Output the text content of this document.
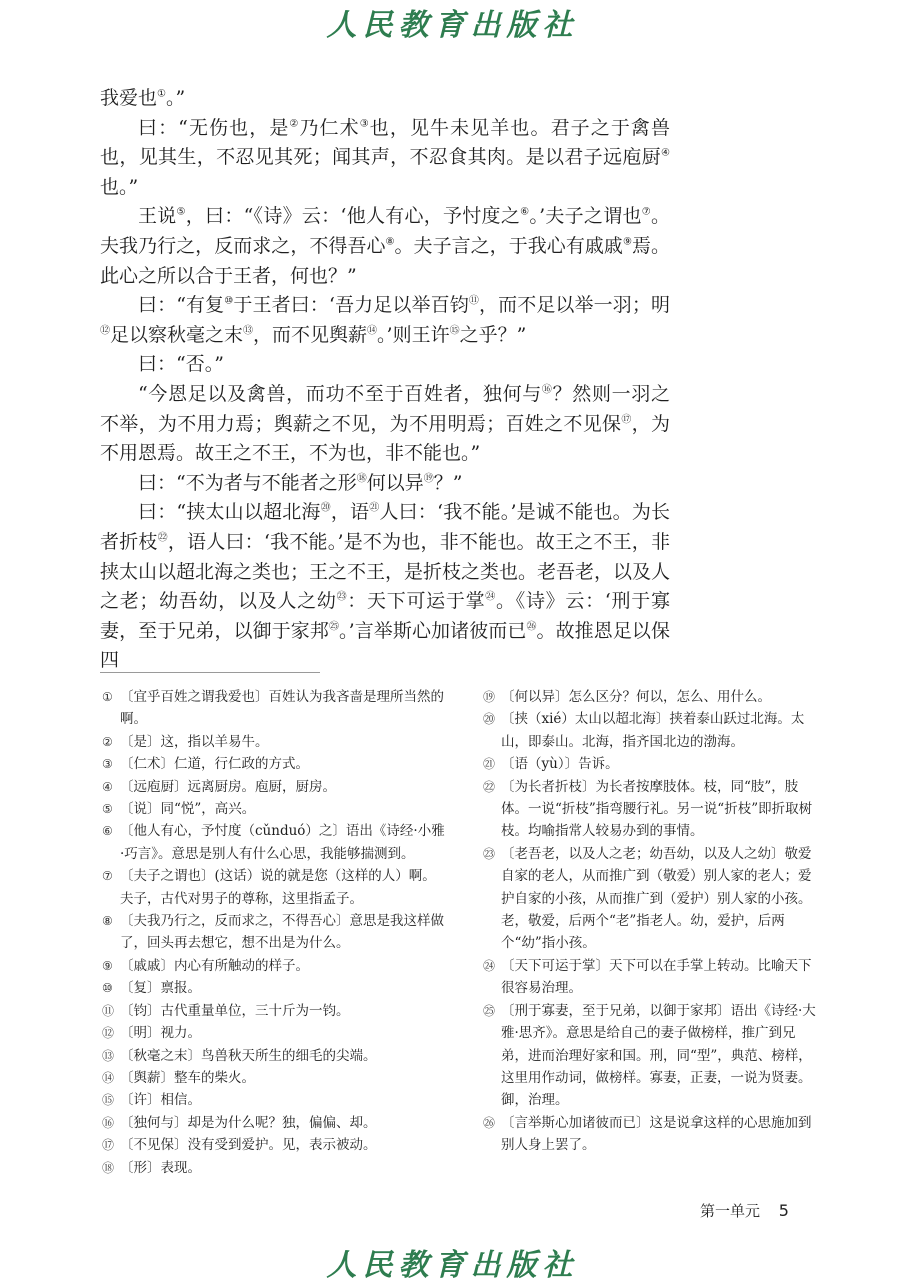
人民教育出版社

我爱也①。”

曰：“无伤也，是②乃仁术③也，见牛未见羊也。君子之于禽兽也，见其生，不忍见其死；闻其声，不忍食其肉。是以君子远庖厨④也。”

王说⑤，曰：“《诗》云：‘他人有心，予忖度之⑥。’夫子之谓也⑦。夫我乃行之，反而求之，不得吾心⑧。夫子言之，于我心有戚戚⑨焉。此心之所以合于王者，何也？”

曰：“有复⑩于王者曰：‘吾力足以举百钧⑪，而不足以举一羽；明⑫足以察秋毫之末⑬，而不见舆薪⑭。’则王许⑮之乎？”

曰：“否。”

“今恩足以及禽兽，而功不至于百姓者，独何与⑯？然则一羽之不举，为不用力焉；舆薪之不见，为不用明焉；百姓之不见保⑰，为不用恩焉。故王之不王，不为也，非不能也。”

曰：“不为者与不能者之形⑱何以异⑲？”

曰：“挟太山以超北海⑳，语$^㉑$人曰：‘我不能。’是诚不能也。为长者折枝$^㉒$，语人曰：‘我不能。’是不为也，非不能也。故王之不王，非挟太山以超北海之类也；王之不王，是折枝之类也。老吾老，以及人之老；幼吾幼，以及人之幼$^㉓$：天下可运于掌$^㉔$。《诗》云：‘刑于寡妻，至于兄弟，以御于家邦$^㉕$。’言举斯心加诸彼而已$^㉖$。故推恩足以保四

① 〔宜乎百姓之谓我爱也〕百姓认为我吝啬是理所当然的啊。
② 〔是〕这，指以羊易牛。
③ 〔仁术〕仁道，行仁政的方式。
④ 〔远庖厨〕远离厨房。庖厨，厨房。
⑤ 〔说〕同“悦”，高兴。
⑥ 〔他人有心，予忖度（cǔnduó）之〕语出《诗经·小雅·巧言》。意思是别人有什么心思，我能够揣测到。
⑦ 〔夫子之谓也〕(这话）说的就是您（这样的人）啊。夫子，古代对男子的尊称，这里指孟子。
⑧ 〔夫我乃行之，反而求之，不得吾心〕意思是我这样做了，回头再去想它，想不出是为什么。
⑨ 〔戚戚〕内心有所触动的样子。
⑩ 〔复〕禀报。
⑪ 〔钧〕古代重量单位，三十斤为一钧。
⑫ 〔明〕视力。
⑬ 〔秋毫之末〕鸟兽秋天所生的细毛的尖端。
⑭ 〔舆薪〕整车的柴火。
⑮ 〔许〕相信。
⑯ 〔独何与〕却是为什么呢？独，偏偏、却。
⑰ 〔不见保〕没有受到爱护。见，表示被动。
⑱ 〔形〕表现。
⑲ 〔何以异〕怎么区分？何以，怎么、用什么。
⑳ 〔挟（xié）太山以超北海〕挟着泰山跃过北海。太山，即泰山。北海，指齐国北边的渤海。
㉑ 〔语（yù）〕告诉。
㉒ 〔为长者折枝〕为长者按摩肢体。枝，同“肢”，肢体。一说“折枝”指弯腰行礼。另一说“折枝”即折取树枝。均喻指常人较易办到的事情。
㉓ 〔老吾老，以及人之老；幼吾幼，以及人之幼〕敬爱自家的老人，从而推广到（敬爱）别人家的老人；爱护自家的小孩，从而推广到（爱护）别人家的小孩。老，敬爱，后两个“老”指老人。幼，爱护，后两个“幼”指小孩。
㉔ 〔天下可运于掌〕天下可以在手掌上转动。比喻天下很容易治理。
㉕ 〔刑于寡妻，至于兄弟，以御于家邦〕语出《诗经·大雅·思齐》。意思是给自己的妻子做榜样，推广到兄弟，进而治理好家和国。刑，同“型”，典范、榜样，这里用作动词，做榜样。寡妻，正妻，一说为贤妻。御，治理。
㉖ 〔言举斯心加诸彼而已〕这是说拿这样的心思施加到别人身上罢了。
第一单元 5
人民教育出版社
